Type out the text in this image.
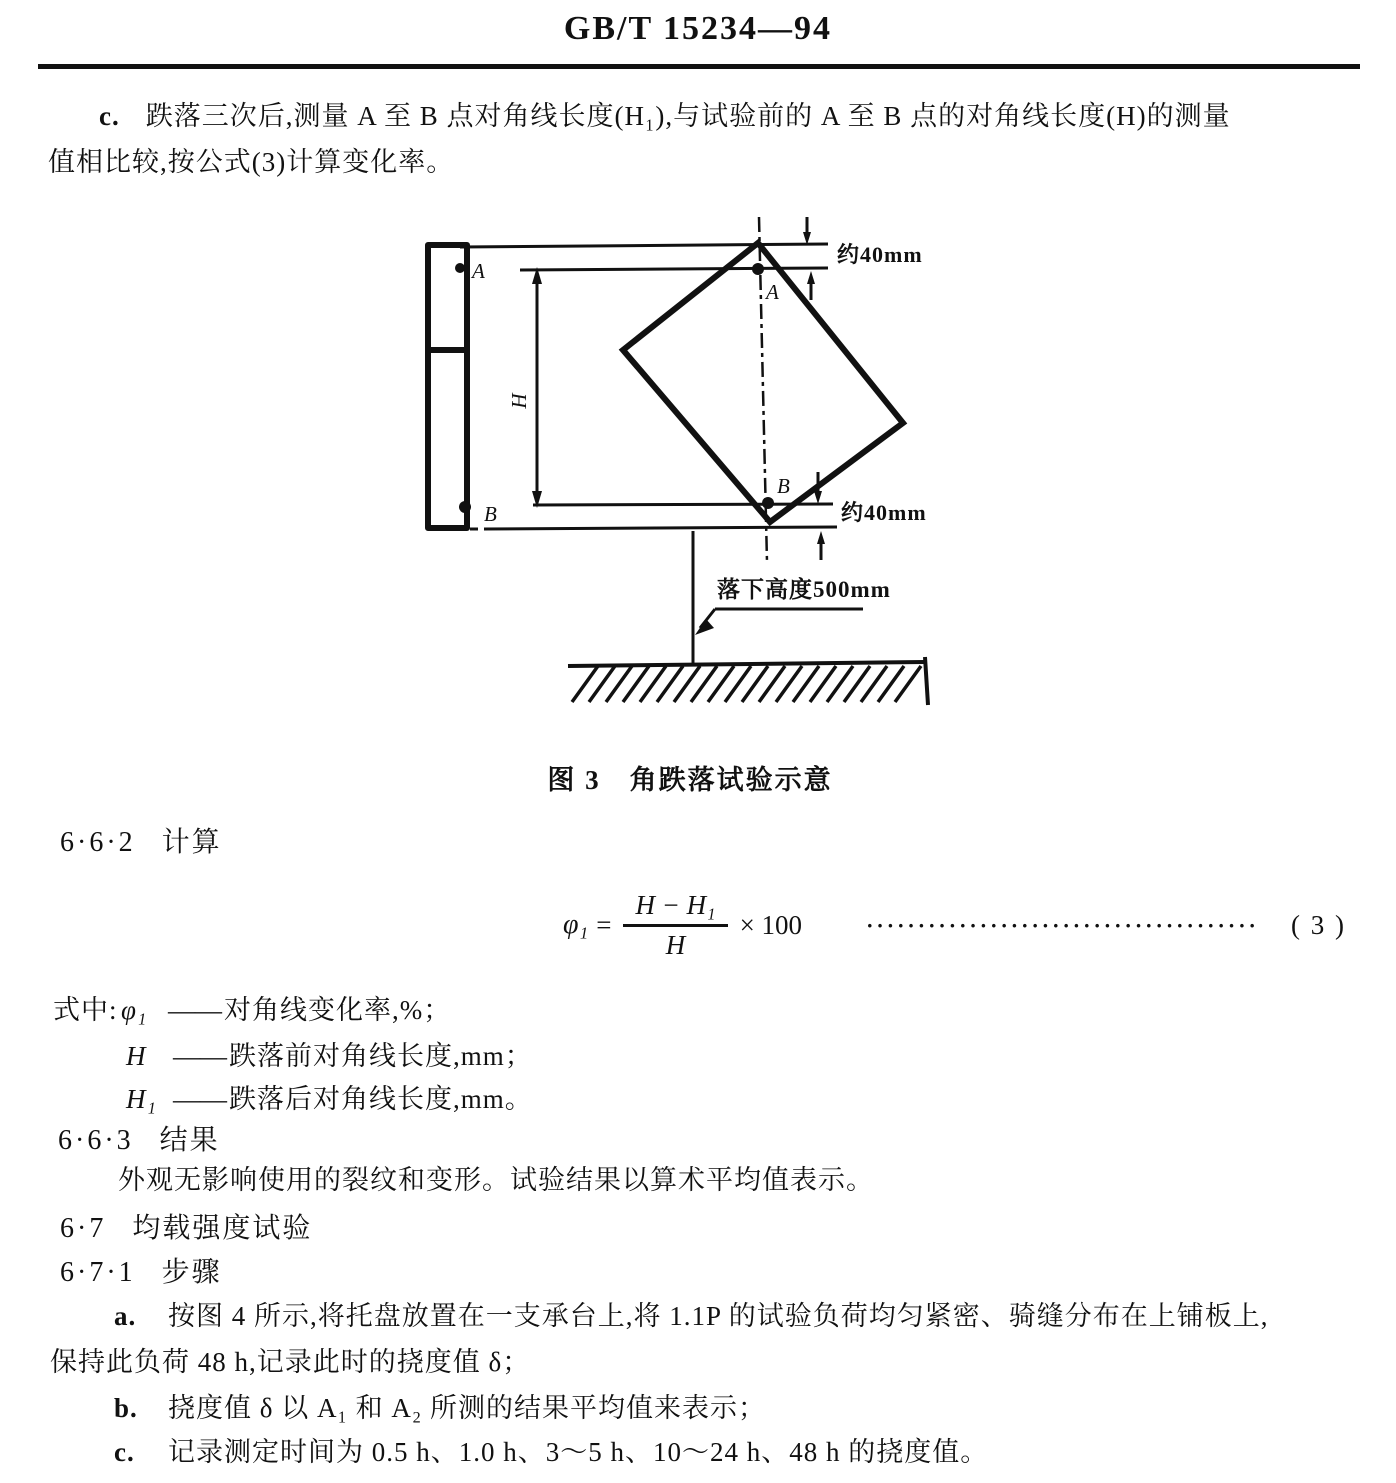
GB/T 15234—94
c. 跌落三次后,测量 A 至 B 点对角线长度(H₁),与试验前的 A 至 B 点的对角线长度(H)的测量
值相比较,按公式(3)计算变化率。
A
B
H
A
B
约40mm
约40mm
落下高度500mm
图 3　角跌落试验示意
6·6·2 计算
$\varphi_1 = \frac{\text{H − H₁}}{H} \times 100$	······································	( 3 )
式中: φ₁ ——对角线变化率,%；
H ——跌落前对角线长度,mm；
H₁ ——跌落后对角线长度,mm。
6·6·3 结果
外观无影响使用的裂纹和变形。试验结果以算术平均值表示。
6·7 均载强度试验
6·7·1 步骤
a. 按图 4 所示,将托盘放置在一支承台上,将 1.1P 的试验负荷均匀紧密、骑缝分布在上铺板上,
保持此负荷 48 h,记录此时的挠度值 δ；
b. 挠度值 δ 以 A₁ 和 A₂ 所测的结果平均值来表示；
c. 记录测定时间为 0.5 h、1.0 h、3～5 h、10～24 h、48 h 的挠度值。
